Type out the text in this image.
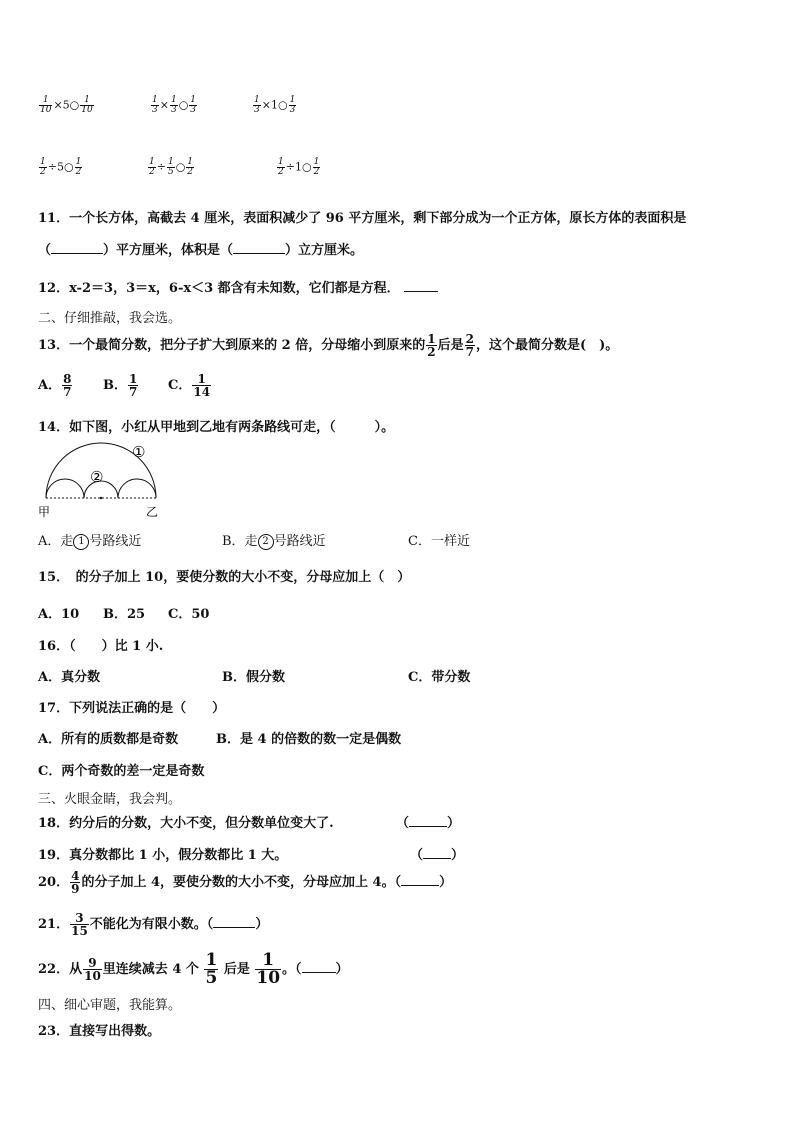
$\frac{1}{10}$ ×5○ $\frac{1}{10}$	$\frac{1}{3} \times \frac{1}{3}$ ○ $\frac{1}{3}$	$\frac{1}{3}$ ×1○ $\frac{1}{3}$
$\frac{1}{2}$ ÷5○ $\frac{1}{2}$	$\frac{1}{2} \div \frac{1}{5}$ ○ $\frac{1}{2}$	$\frac{1}{2}$ ÷1○ $\frac{1}{2}$
11．一个长方体，高截去 4 厘米，表面积减少了 96 平方厘米，剩下部分成为一个正方体，原长方体的表面积是
（	）平方厘米，体积是（	）立方厘米。
12．x-2＝3，3＝x，6-x＜3 都含有未知数，它们都是方程．
二、仔细推敲，我会选。
13．一个最简分数，把分子扩大到原来的 2 倍，分母缩小到原来的 $\frac{1}{2}$ 后是 $\frac{2}{7}$ ，这个最简分数是(　)。
A． $\frac{8}{7}$ B． $\frac{1}{7}$ C． $\frac{1}{14}$
14．如下图，小红从甲地到乙地有两条路线可走，（　　　）。
①
②
甲	乙
A．走 1 号路线近	B．走 2 号路线近	C．一样近
15．　的分子加上 10，要使分数的大小不变，分母应加上（　）
A．10 B．25 C．50
16．（　　）比 1 小.
A．真分数	B．假分数	C．带分数
17．下列说法正确的是（　　）
A．所有的质数都是奇数	B．是 4 的倍数的数一定是偶数
C．两个奇数的差一定是奇数
三、火眼金睛，我会判。
18．约分后的分数，大小不变，但分数单位变大了.	（	）
19．真分数都比 1 小，假分数都比 1 大。	（ ）
20． $\frac{4}{9}$ 的分子加上 4，要使分数的大小不变，分母应加上 4。（	）
21． $\frac{3}{15}$ 不能化为有限小数。（	）
22．从 $\frac{9}{10}$ 里连续减去 4 个 $\frac{1}{5}$ 后是 $\frac{1}{10}$ 。（	）
四、细心审题，我能算。
23．直接写出得数。
